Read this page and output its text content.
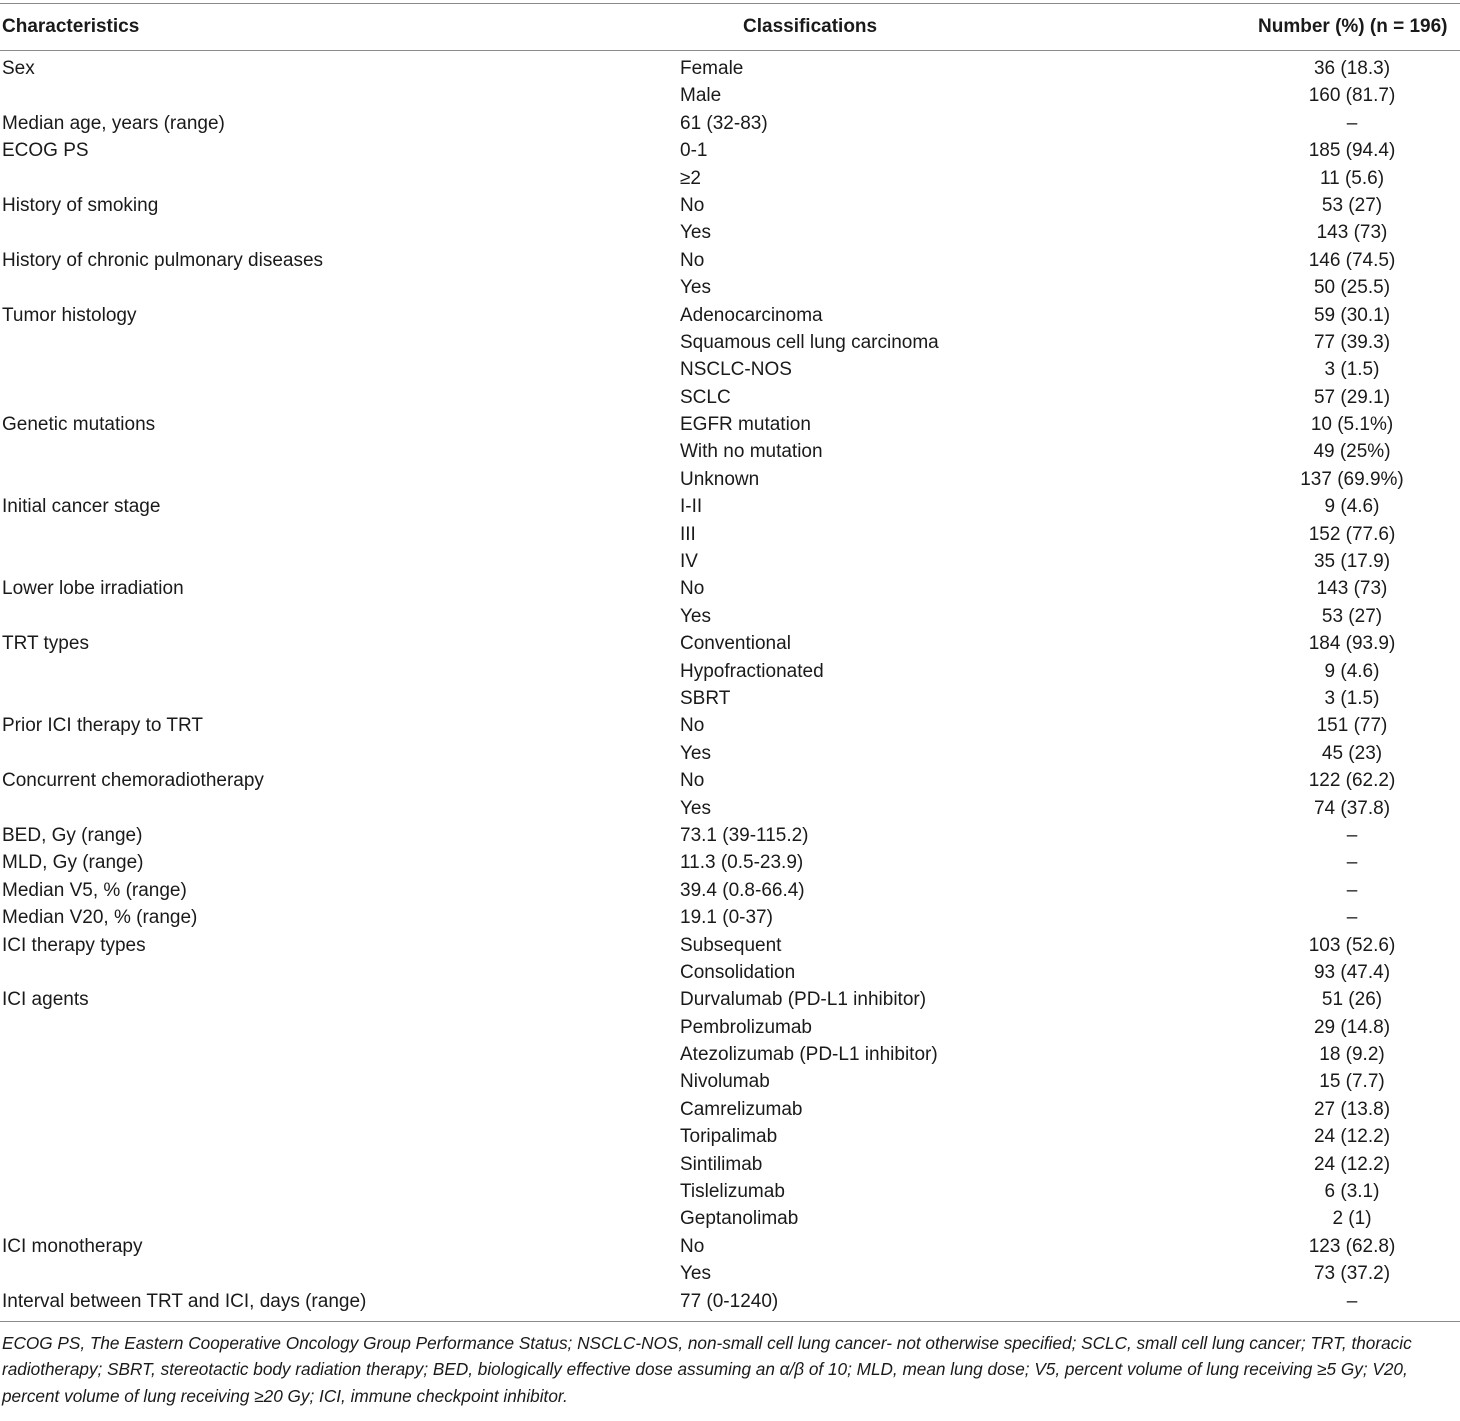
Characteristics	Classifications	Number (%) (n = 196)
Sex	Female	36 (18.3)
Male	160 (81.7)
Median age, years (range)	61 (32-83)	–
ECOG PS	0-1	185 (94.4)
≥2	11 (5.6)
History of smoking	No	53 (27)
Yes	143 (73)
History of chronic pulmonary diseases	No	146 (74.5)
Yes	50 (25.5)
Tumor histology	Adenocarcinoma	59 (30.1)
Squamous cell lung carcinoma	77 (39.3)
NSCLC-NOS	3 (1.5)
SCLC	57 (29.1)
Genetic mutations	EGFR mutation	10 (5.1%)
With no mutation	49 (25%)
Unknown	137 (69.9%)
Initial cancer stage	I-II	9 (4.6)
III	152 (77.6)
IV	35 (17.9)
Lower lobe irradiation	No	143 (73)
Yes	53 (27)
TRT types	Conventional	184 (93.9)
Hypofractionated	9 (4.6)
SBRT	3 (1.5)
Prior ICI therapy to TRT	No	151 (77)
Yes	45 (23)
Concurrent chemoradiotherapy	No	122 (62.2)
Yes	74 (37.8)
BED, Gy (range)	73.1 (39-115.2)	–
MLD, Gy (range)	11.3 (0.5-23.9)	–
Median V5, % (range)	39.4 (0.8-66.4)	–
Median V20, % (range)	19.1 (0-37)	–
ICI therapy types	Subsequent	103 (52.6)
Consolidation	93 (47.4)
ICI agents	Durvalumab (PD-L1 inhibitor)	51 (26)
Pembrolizumab	29 (14.8)
Atezolizumab (PD-L1 inhibitor)	18 (9.2)
Nivolumab	15 (7.7)
Camrelizumab	27 (13.8)
Toripalimab	24 (12.2)
Sintilimab	24 (12.2)
Tislelizumab	6 (3.1)
Geptanolimab	2 (1)
ICI monotherapy	No	123 (62.8)
Yes	73 (37.2)
Interval between TRT and ICI, days (range)	77 (0-1240)	–
ECOG PS, The Eastern Cooperative Oncology Group Performance Status; NSCLC-NOS, non-small cell lung cancer- not otherwise specified; SCLC, small cell lung cancer; TRT, thoracic radiotherapy; SBRT, stereotactic body radiation therapy; BED, biologically effective dose assuming an α/β of 10; MLD, mean lung dose; V5, percent volume of lung receiving ≥5 Gy; V20, percent volume of lung receiving ≥20 Gy; ICI, immune checkpoint inhibitor.
